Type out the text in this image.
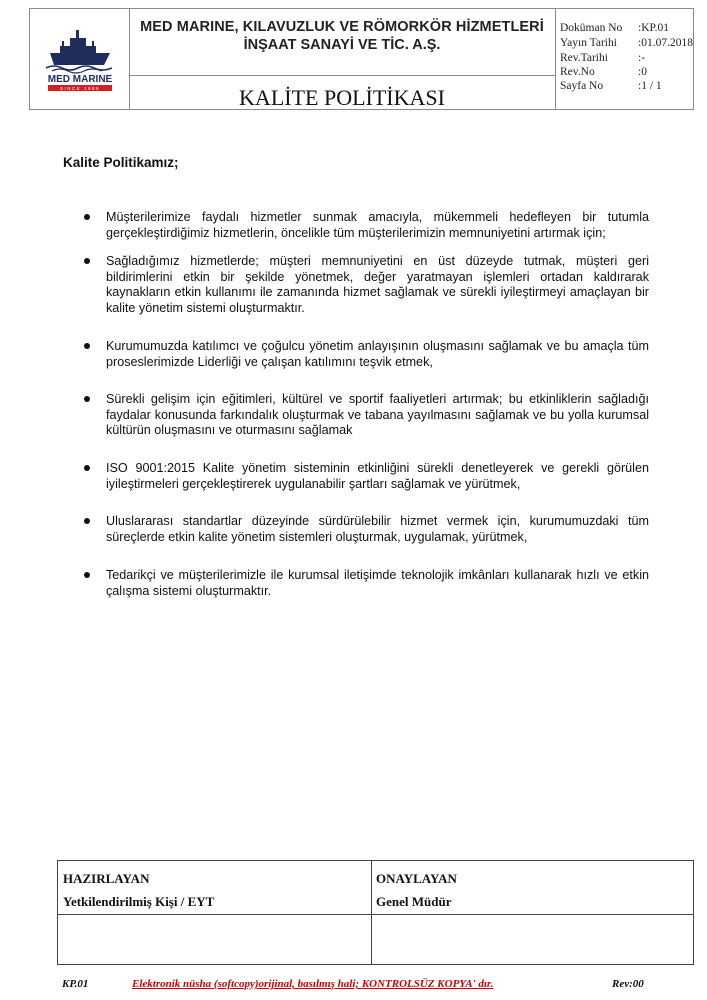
MED MARINE
SINCE 1989
MED MARINE, KILAVUZLUK VE RÖMORKÖR HİZMETLERİ
İNŞAAT SANAYİ VE TİC. A.Ş.
KALİTE POLİTİKASI
Doküman No	:KP.01
Yayın Tarihi	:01.07.2018
Rev.Tarihi	:-
Rev.No	:0
Sayfa No	:1 / 1
Kalite Politikamız;
Müşterilerimize faydalı hizmetler sunmak amacıyla, mükemmeli hedefleyen bir tutumla gerçekleştirdiğimiz hizmetlerin, öncelikle tüm müşterilerimizin memnuniyetini artırmak için;
Sağladığımız hizmetlerde; müşteri memnuniyetini en üst düzeyde tutmak, müşteri geri bildirimlerini etkin bir şekilde yönetmek, değer yaratmayan işlemleri ortadan kaldırarak kaynakların etkin kullanımı ile zamanında hizmet sağlamak ve sürekli iyileştirmeyi amaçlayan bir kalite yönetim sistemi oluşturmaktır.
Kurumumuzda katılımcı ve çoğulcu yönetim anlayışının oluşmasını sağlamak ve bu amaçla tüm proseslerimizde Liderliği ve çalışan katılımını teşvik etmek,
Sürekli gelişim için eğitimleri, kültürel ve sportif faaliyetleri artırmak; bu etkinliklerin sağladığı faydalar konusunda farkındalık oluşturmak ve tabana yayılmasını sağlamak ve bu yolla kurumsal kültürün oluşmasını ve oturmasını sağlamak
ISO 9001:2015 Kalite yönetim sisteminin etkinliğini sürekli denetleyerek ve gerekli görülen iyileştirmeleri gerçekleştirerek uygulanabilir şartları sağlamak ve yürütmek,
Uluslararası standartlar düzeyinde sürdürülebilir hizmet vermek için, kurumumuzdaki tüm süreçlerde etkin kalite yönetim sistemleri oluşturmak, uygulamak, yürütmek,
Tedarikçi ve müşterilerimizle ile kurumsal iletişimde teknolojik imkânları kullanarak hızlı ve etkin çalışma sistemi oluşturmaktır.
HAZIRLAYAN
Yetkilendirilmiş Kişi / EYT
ONAYLAYAN
Genel Müdür
KP.01	Elektronik nüsha (softcopy)orijinal, basılmış hali; KONTROLSÜZ KOPYA' dır.	Rev:00
